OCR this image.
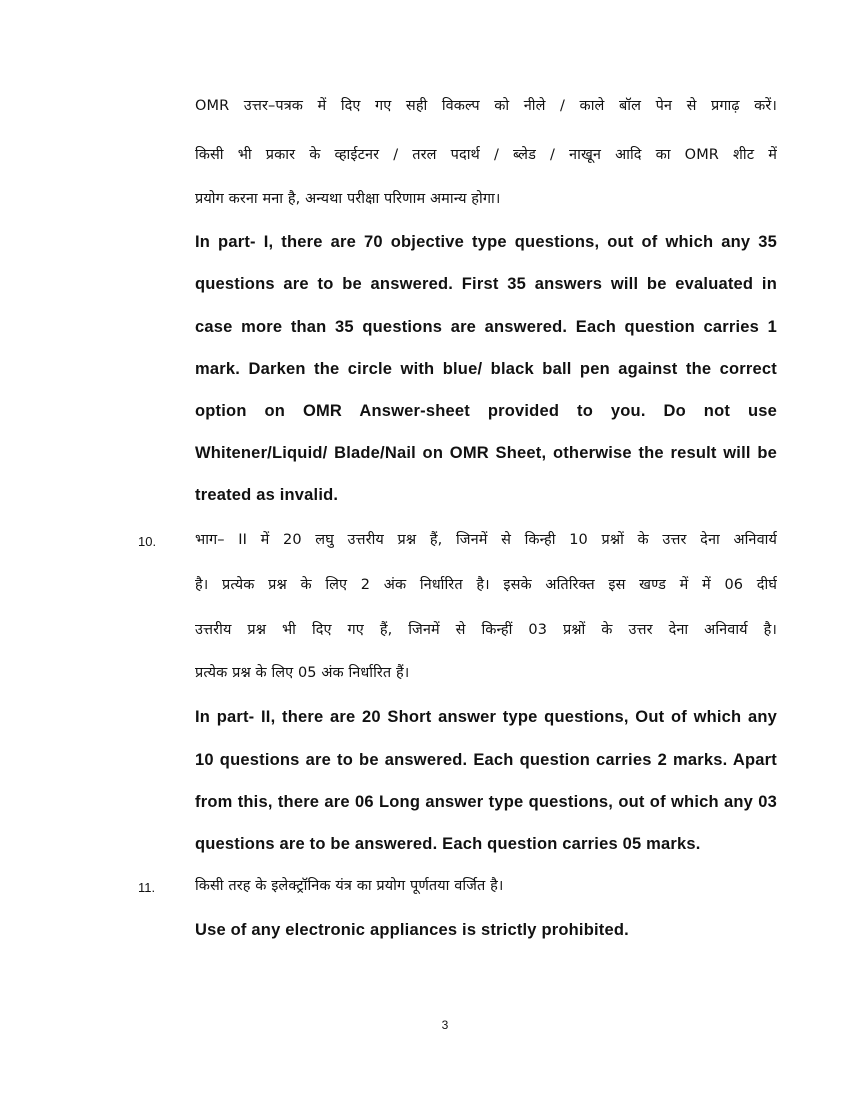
OMR उत्तर–पत्रक में दिए गए सही विकल्प को नीले / काले बॉल पेन से प्रगाढ़ करें।
किसी भी प्रकार के व्हाईटनर / तरल पदार्थ / ब्लेड / नाखून आदि का OMR शीट में
प्रयोग करना मना है, अन्यथा परीक्षा परिणाम अमान्य होगा।
In part- I, there are 70 objective type questions, out of which any 35
questions are to be answered. First 35 answers will be evaluated in
case more than 35 questions are answered. Each question carries 1
mark. Darken the circle with blue/ black ball pen against the correct
option on OMR Answer-sheet provided to you. Do not use
Whitener/Liquid/ Blade/Nail on OMR Sheet, otherwise the result will be
treated as invalid.
10.	भाग– II में 20 लघु उत्तरीय प्रश्न हैं, जिनमें से किन्ही 10 प्रश्नों के उत्तर देना अनिवार्य
है। प्रत्येक प्रश्न के लिए 2 अंक निर्धारित है। इसके अतिरिक्त इस खण्ड में में 06 दीर्घ
उत्तरीय प्रश्न भी दिए गए हैं, जिनमें से किन्हीं 03 प्रश्नों के उत्तर देना अनिवार्य है।
प्रत्येक प्रश्न के लिए 05 अंक निर्धारित हैं।
In part- II, there are 20 Short answer type questions, Out of which any
10 questions are to be answered. Each question carries 2 marks. Apart
from this, there are 06 Long answer type questions, out of which any 03
questions are to be answered. Each question carries 05 marks.
11.	किसी तरह के इलेक्ट्रॉनिक यंत्र का प्रयोग पूर्णतया वर्जित है।
Use of any electronic appliances is strictly prohibited.
3
